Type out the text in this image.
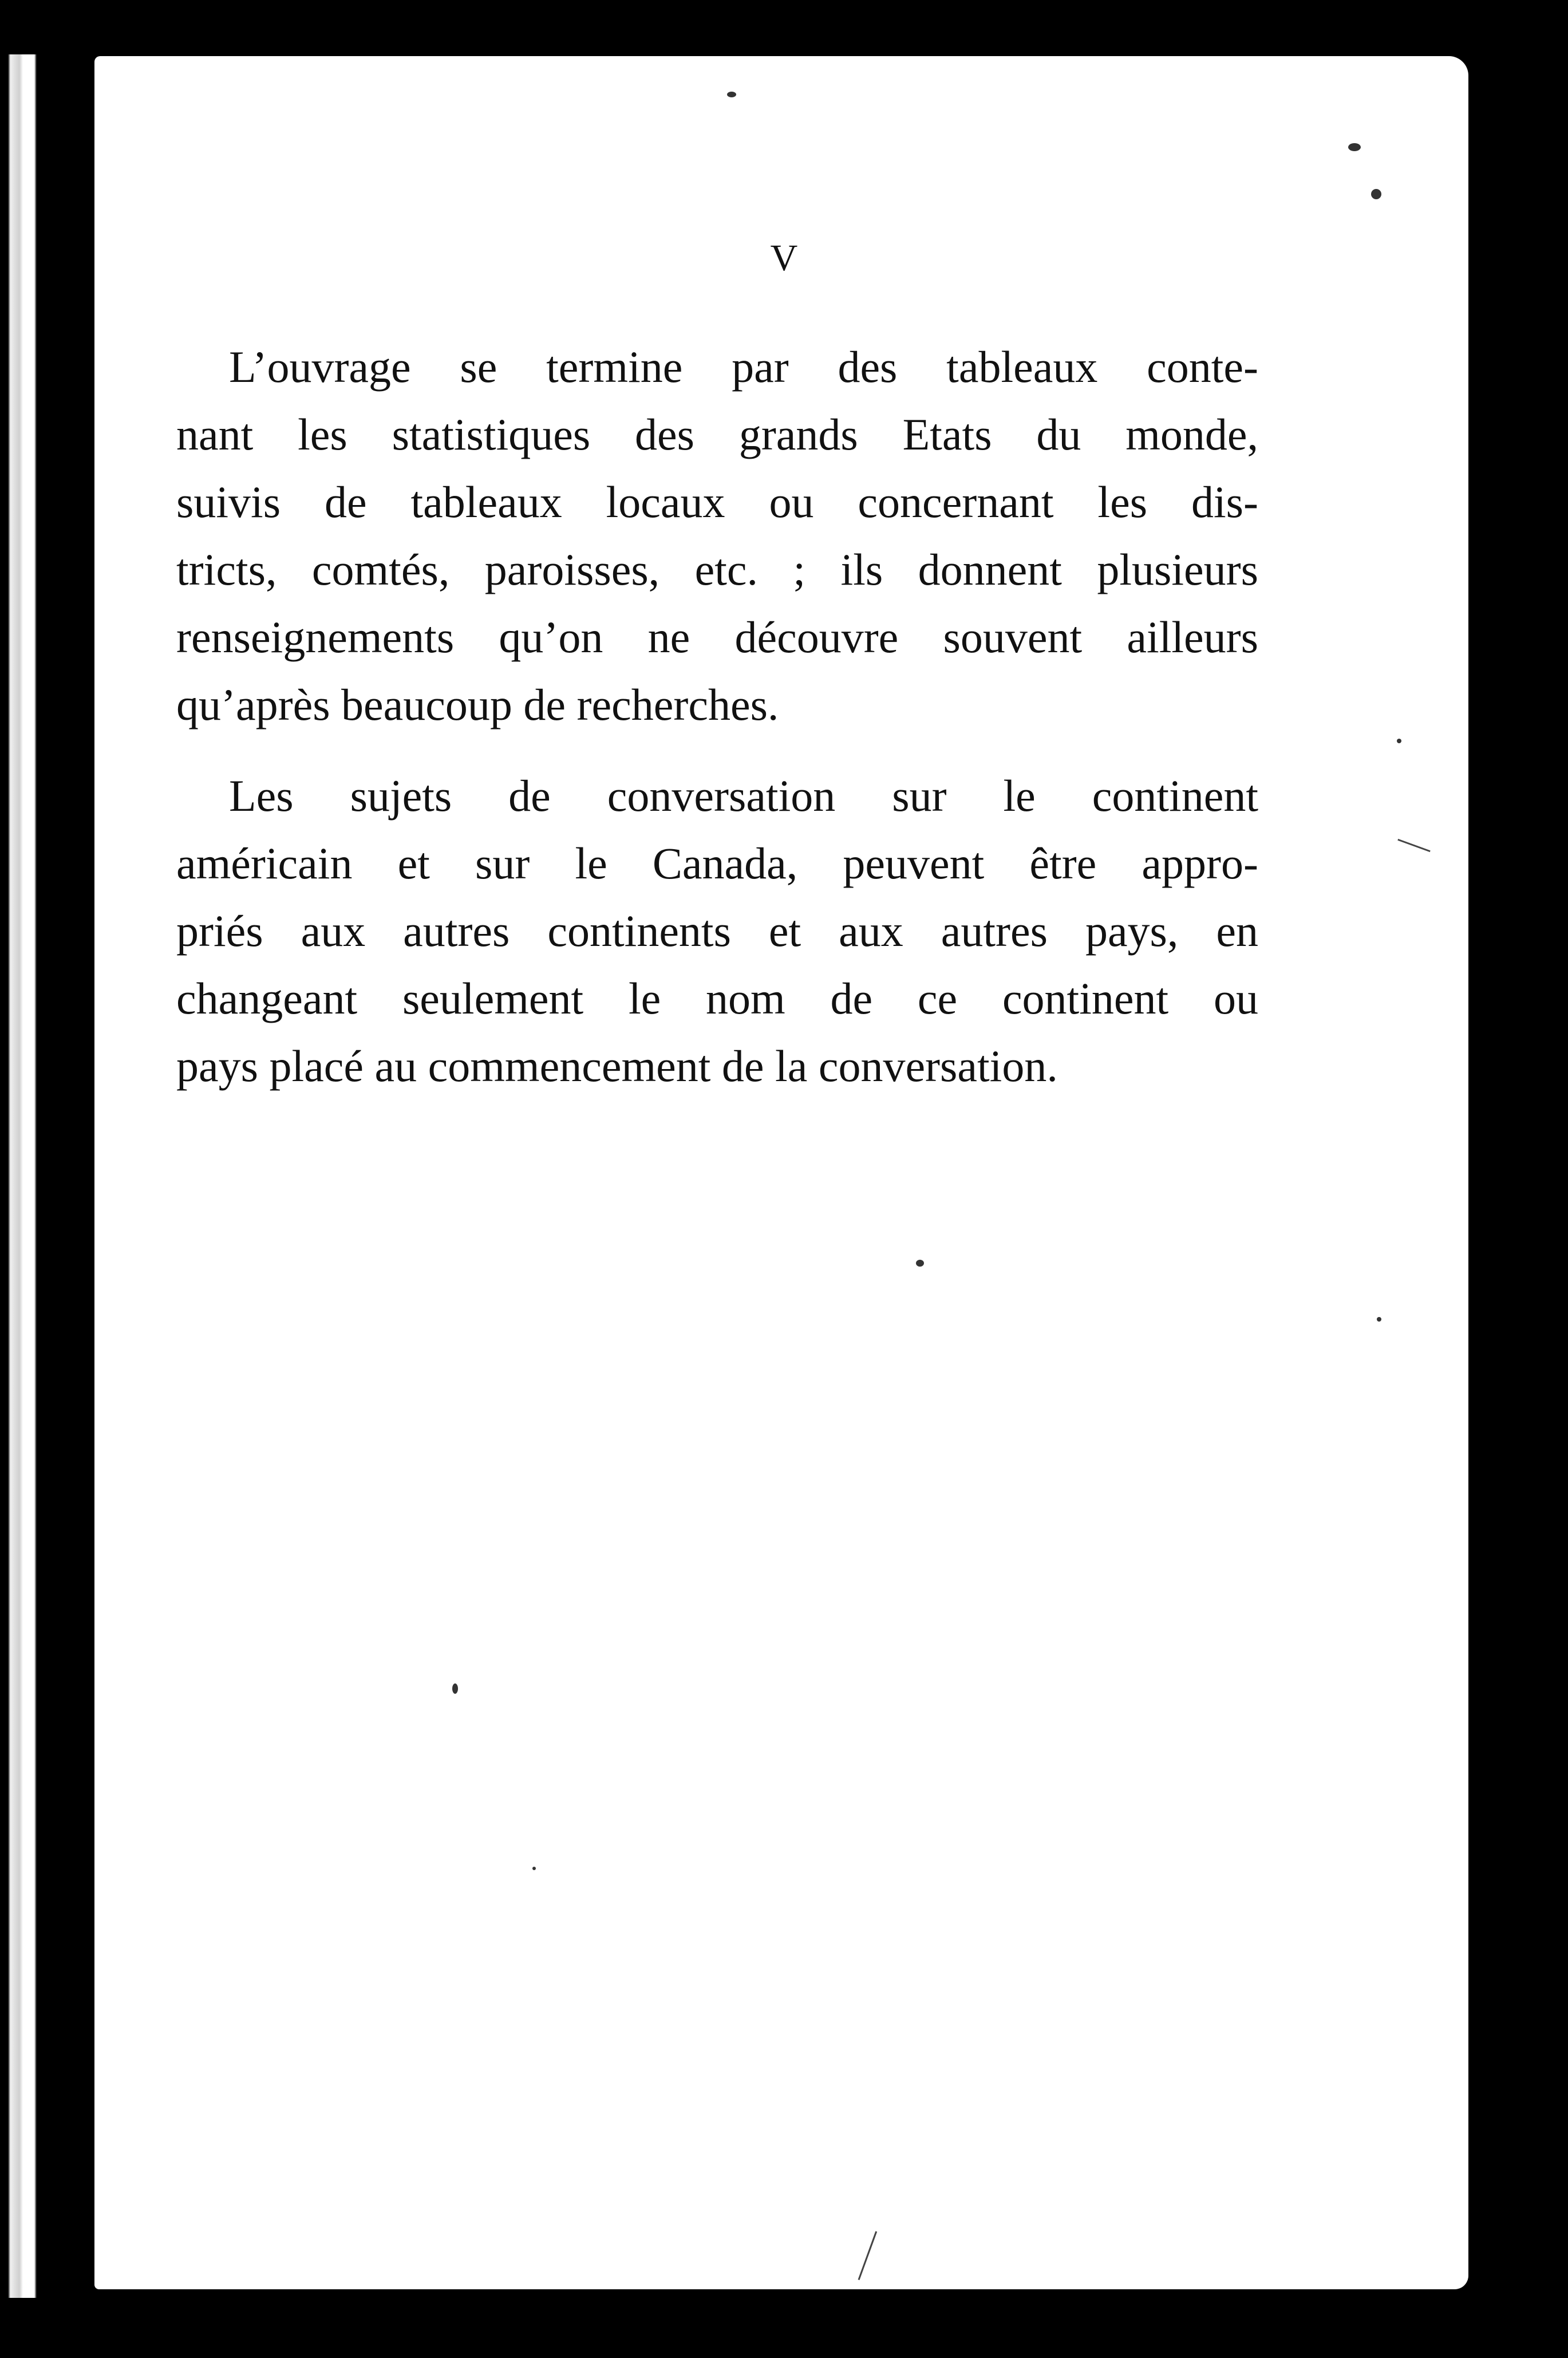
V
L’ouvrage se termine par des tableaux conte-
nant les statistiques des grands Etats du monde,
suivis de tableaux locaux ou concernant les dis-
tricts, comtés, paroisses, etc. ; ils donnent plusieurs
renseignements qu’on ne découvre souvent ailleurs
qu’après beaucoup de recherches.
Les sujets de conversation sur le continent
américain et sur le Canada, peuvent être appro-
priés aux autres continents et aux autres pays, en
changeant seulement le nom de ce continent ou
pays placé au commencement de la conversation.
